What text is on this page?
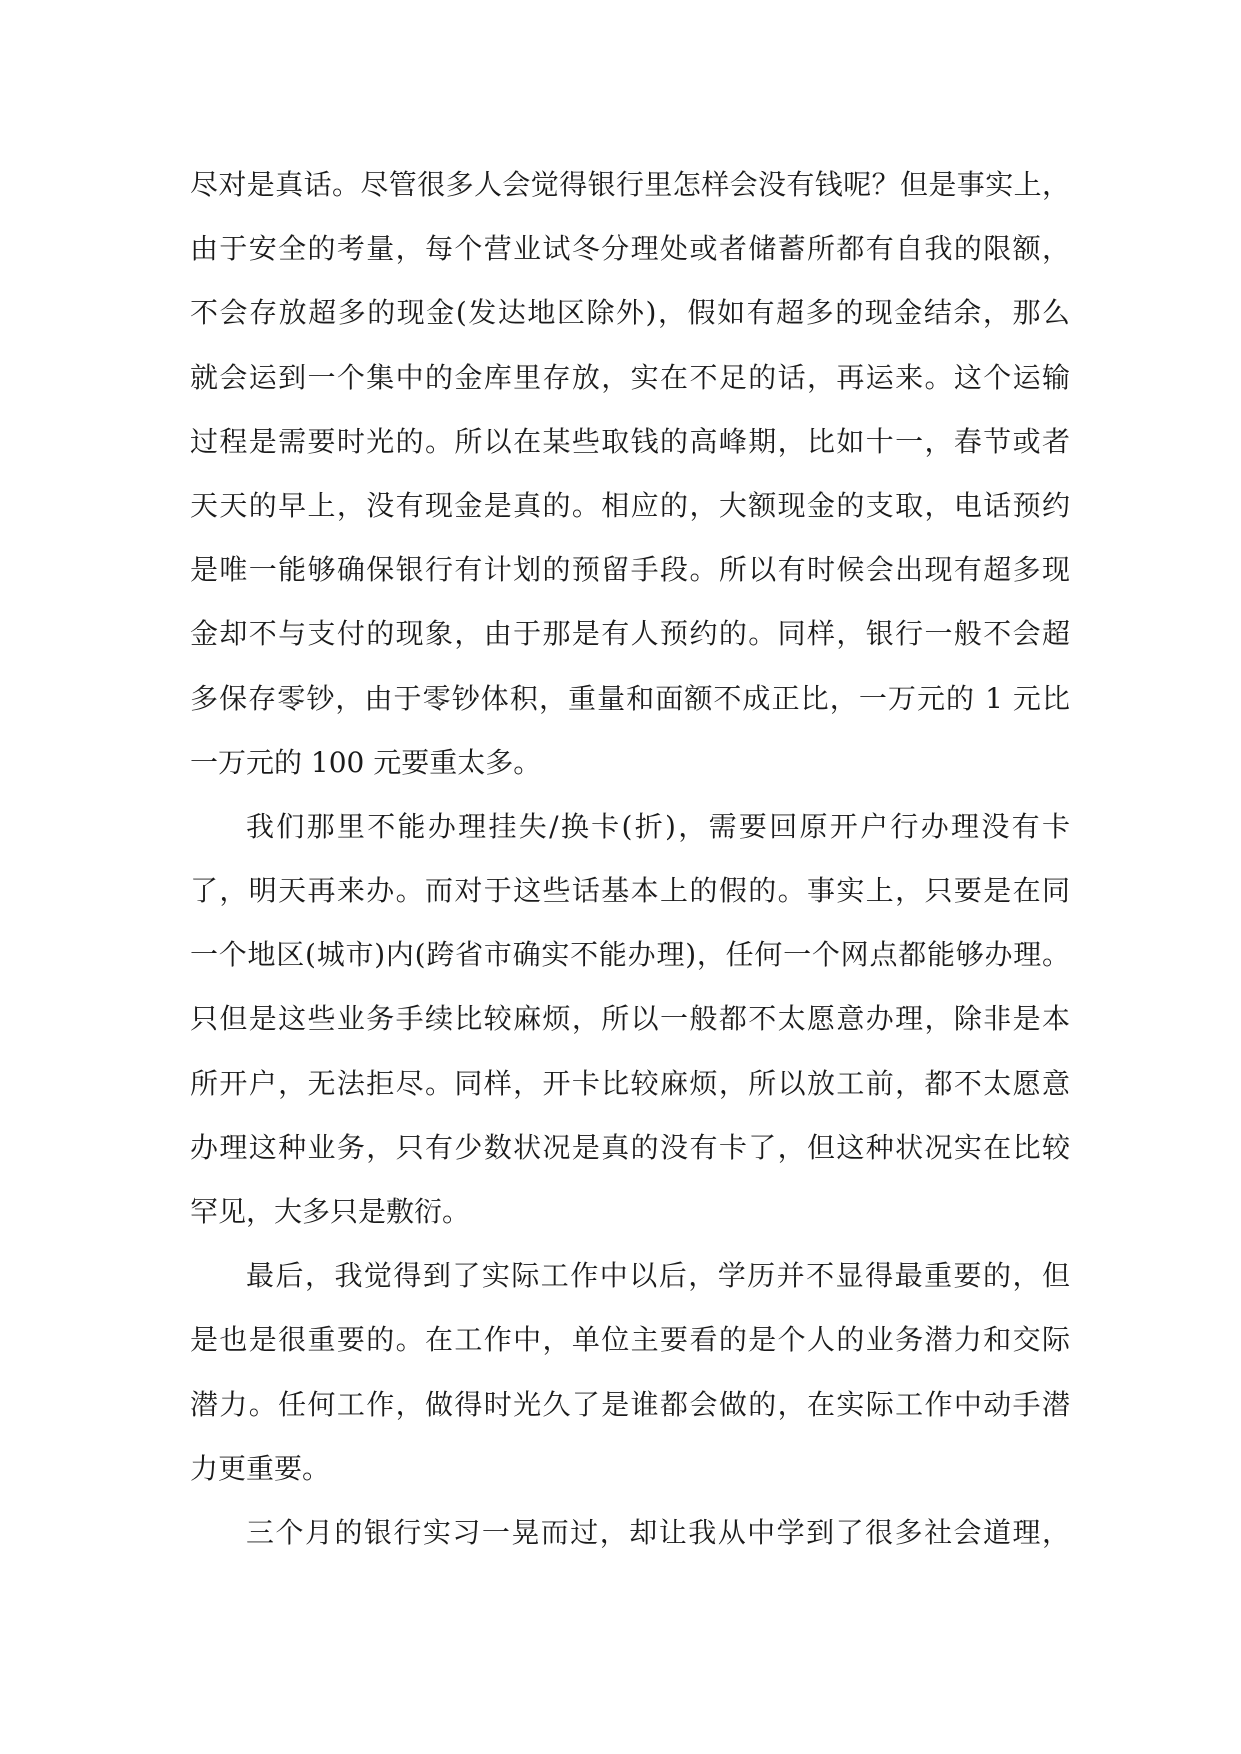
尽对是真话。尽管很多人会觉得银行里怎样会没有钱呢？但是事实上，
由于安全的考量，每个营业试冬分理处或者储蓄所都有自我的限额，
不会存放超多的现金(发达地区除外)，假如有超多的现金结余，那么
就会运到一个集中的金库里存放，实在不足的话，再运来。这个运输
过程是需要时光的。所以在某些取钱的高峰期，比如十一，春节或者
天天的早上，没有现金是真的。相应的，大额现金的支取，电话预约
是唯一能够确保银行有计划的预留手段。所以有时候会出现有超多现
金却不与支付的现象，由于那是有人预约的。同样，银行一般不会超
多保存零钞，由于零钞体积，重量和面额不成正比，一万元的 1 元比
一万元的 100 元要重太多。
我们那里不能办理挂失/换卡(折)，需要回原开户行办理没有卡
了，明天再来办。而对于这些话基本上的假的。事实上，只要是在同
一个地区(城市)内(跨省市确实不能办理)，任何一个网点都能够办理。
只但是这些业务手续比较麻烦，所以一般都不太愿意办理，除非是本
所开户，无法拒尽。同样，开卡比较麻烦，所以放工前，都不太愿意
办理这种业务，只有少数状况是真的没有卡了，但这种状况实在比较
罕见，大多只是敷衍。
最后，我觉得到了实际工作中以后，学历并不显得最重要的，但
是也是很重要的。在工作中，单位主要看的是个人的业务潜力和交际
潜力。任何工作，做得时光久了是谁都会做的，在实际工作中动手潜
力更重要。
三个月的银行实习一晃而过，却让我从中学到了很多社会道理，
